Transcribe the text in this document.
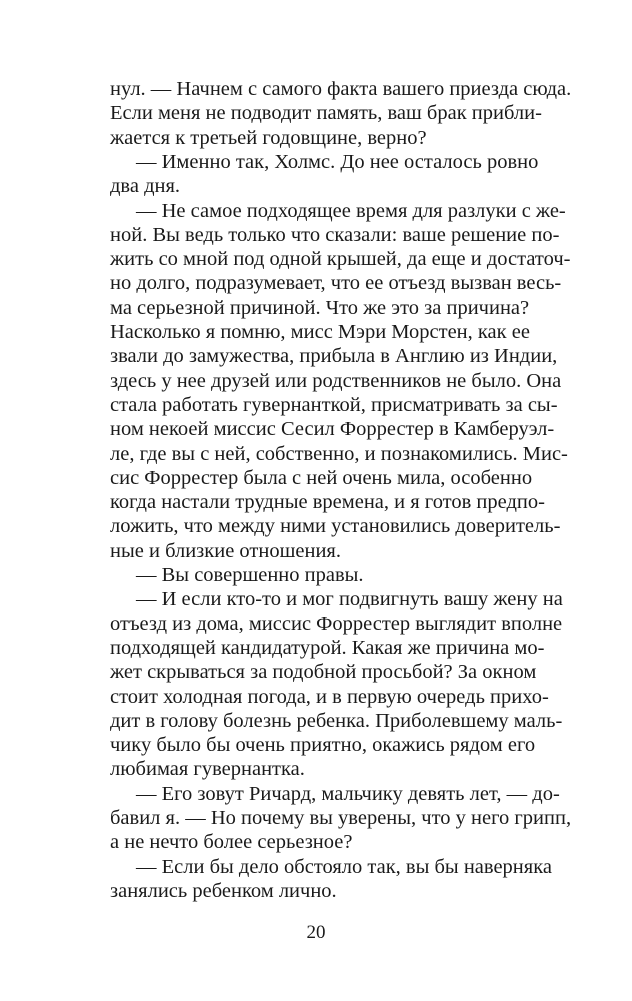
нул. — Начнем с самого факта вашего приезда сюда.
Если меня не подводит память, ваш брак прибли-
жается к третьей годовщине, верно?
— Именно так, Холмс. До нее осталось ровно
два дня.
— Не самое подходящее время для разлуки с же-
ной. Вы ведь только что сказали: ваше решение по-
жить со мной под одной крышей, да еще и достаточ-
но долго, подразумевает, что ее отъезд вызван весь-
ма серьезной причиной. Что же это за причина?
Насколько я помню, мисс Мэри Морстен, как ее
звали до замужества, прибыла в Англию из Индии,
здесь у нее друзей или родственников не было. Она
стала работать гувернанткой, присматривать за сы-
ном некоей миссис Сесил Форрестер в Камберуэл-
ле, где вы с ней, собственно, и познакомились. Мис-
сис Форрестер была с ней очень мила, особенно
когда настали трудные времена, и я готов предпо-
ложить, что между ними установились доверитель-
ные и близкие отношения.
— Вы совершенно правы.
— И если кто-то и мог подвигнуть вашу жену на
отъезд из дома, миссис Форрестер выглядит вполне
подходящей кандидатурой. Какая же причина мо-
жет скрываться за подобной просьбой? За окном
стоит холодная погода, и в первую очередь прихо-
дит в голову болезнь ребенка. Приболевшему маль-
чику было бы очень приятно, окажись рядом его
любимая гувернантка.
— Его зовут Ричард, мальчику девять лет, — до-
бавил я. — Но почему вы уверены, что у него грипп,
а не нечто более серьезное?
— Если бы дело обстояло так, вы бы наверняка
занялись ребенком лично.
20
